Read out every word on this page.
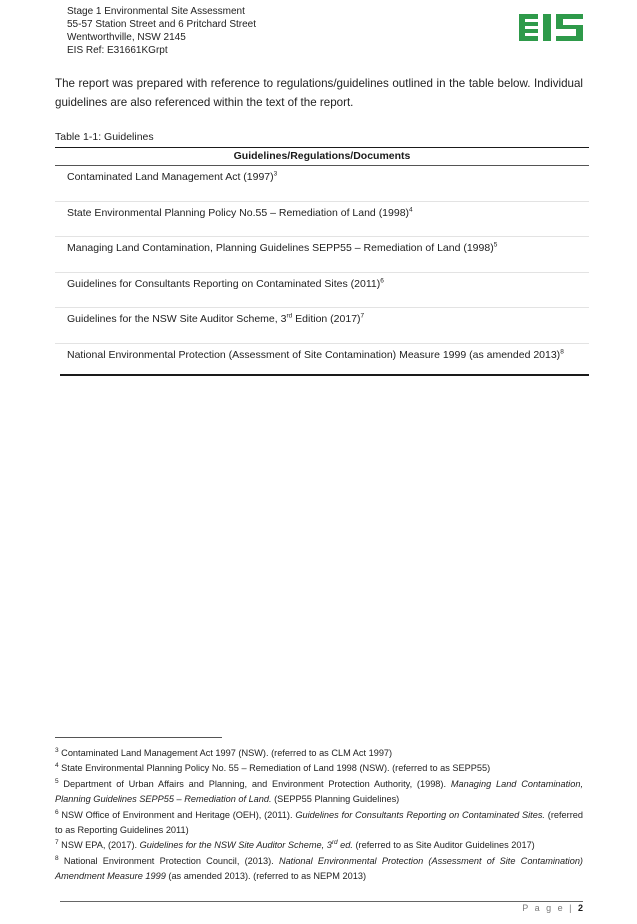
Stage 1 Environmental Site Assessment
55-57 Station Street and 6 Pritchard Street
Wentworthville, NSW 2145
EIS Ref: E31661KGrpt
The report was prepared with reference to regulations/guidelines outlined in the table below. Individual guidelines are also referenced within the text of the report.
Table 1-1: Guidelines
Guidelines/Regulations/Documents
Contaminated Land Management Act $(1997)^3$
State Environmental Planning Policy No.55 – Remediation of Land $(1998)^4$
Managing Land Contamination, Planning Guidelines SEPP55 – Remediation of Land $(1998)^5$
Guidelines for Consultants Reporting on Contaminated Sites $(2011)^6$
Guidelines for the NSW Site Auditor Scheme, 3rd Edition $(2017)^7$
National Environmental Protection (Assessment of Site Contamination) Measure 1999 (as amended 2013)$^8$
$^3$ Contaminated Land Management Act 1997 (NSW). (referred to as CLM Act 1997)
$^4$ State Environmental Planning Policy No. 55 – Remediation of Land 1998 (NSW). (referred to as SEPP55)
$^5$ Department of Urban Affairs and Planning, and Environment Protection Authority, (1998). Managing Land Contamination, Planning Guidelines SEPP55 – Remediation of Land. (SEPP55 Planning Guidelines)
$^6$ NSW Office of Environment and Heritage (OEH), (2011). Guidelines for Consultants Reporting on Contaminated Sites. (referred to as Reporting Guidelines 2011)
$^7$ NSW EPA, (2017). Guidelines for the NSW Site Auditor Scheme, 3rd ed. (referred to as Site Auditor Guidelines 2017)
$^8$ National Environment Protection Council, (2013). National Environmental Protection (Assessment of Site Contamination) Amendment Measure 1999 (as amended 2013). (referred to as NEPM 2013)
P a g e | 2
